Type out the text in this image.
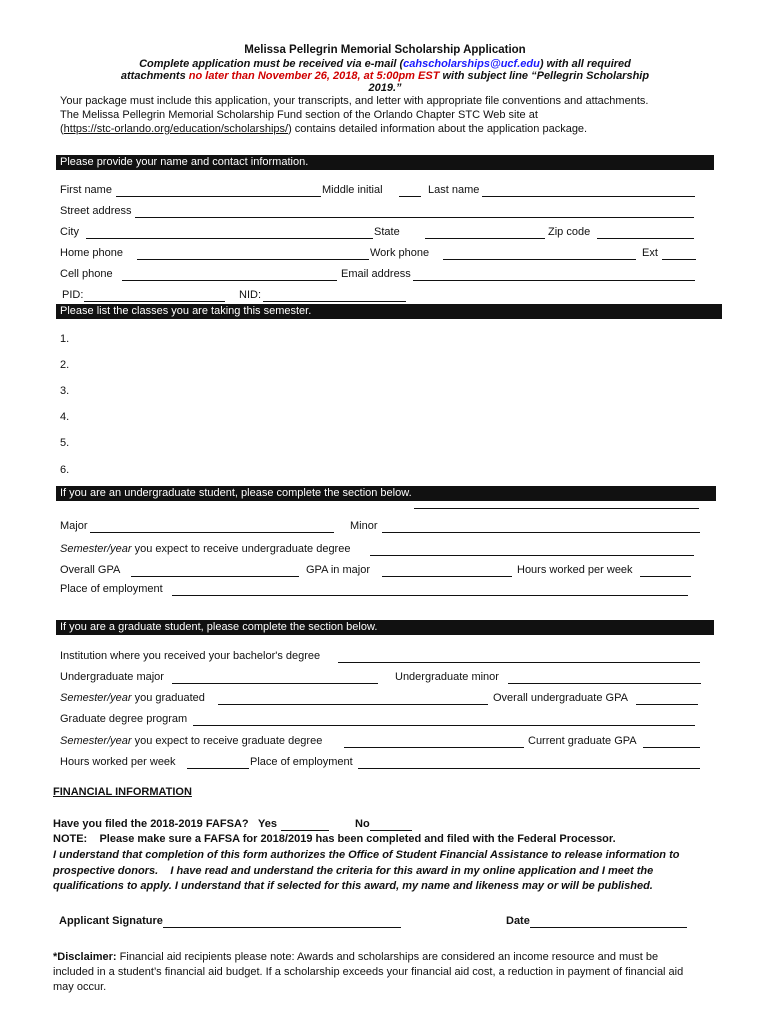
Melissa Pellegrin Memorial Scholarship Application
Complete application must be received via e-mail (cahscholarships@ucf.edu) with all required
attachments no later than November 26, 2018, at 5:00pm EST with subject line “Pellegrin Scholarship
2019.”
Your package must include this application, your transcripts, and letter with appropriate file conventions and attachments.
The Melissa Pellegrin Memorial Scholarship Fund section of the Orlando Chapter STC Web site at
(https://stc-orlando.org/education/scholarships/) contains detailed information about the application package.
Please provide your name and contact information.
First name	Middle initial	Last name
Street address
City	State	Zip code
Home phone	Work phone	Ext
Cell phone	Email address
PID:	NID:
Please list the classes you are taking this semester.
1.
2.
3.
4.
5.
6.
If you are an undergraduate student, please complete the section below.
Major	Minor
Semester/year you expect to receive undergraduate degree
Overall GPA	GPA in major	Hours worked per week
Place of employment
If you are a graduate student, please complete the section below.
Institution where you received your bachelor's degree
Undergraduate major	Undergraduate minor
Semester/year you graduated	Overall undergraduate GPA
Graduate degree program
Semester/year you expect to receive graduate degree	Current graduate GPA
Hours worked per week	Place of employment
FINANCIAL INFORMATION
Have you filed the 2018-2019 FAFSA? Yes	No
NOTE:    Please make sure a FAFSA for 2018/2019 has been completed and filed with the Federal Processor.
I understand that completion of this form authorizes the Office of Student Financial Assistance to release information to
prospective donors.    I have read and understand the criteria for this award in my online application and I meet the
qualifications to apply. I understand that if selected for this award, my name and likeness may or will be published.
Applicant Signature	Date
*Disclaimer: Financial aid recipients please note: Awards and scholarships are considered an income resource and must be
included in a student’s financial aid budget. If a scholarship exceeds your financial aid cost, a reduction in payment of financial aid
may occur.
